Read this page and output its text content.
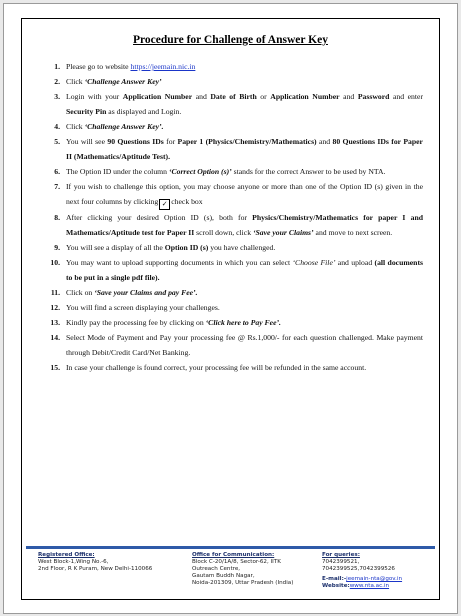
Procedure for Challenge of Answer Key
1. Please go to website https://jeemain.nic.in
2. Click ‘Challenge Answer Key’
3. Login with your Application Number and Date of Birth or Application Number and Password and enter Security Pin as displayed and Login.
4. Click ‘Challenge Answer Key’.
5. You will see 90 Questions IDs for Paper 1 (Physics/Chemistry/Mathematics) and 80 Questions IDs for Paper II (Mathematics/Aptitude Test).
6. The Option ID under the column ‘Correct Option (s)’ stands for the correct Answer to be used by NTA.
7. If you wish to challenge this option, you may choose anyone or more than one of the Option ID (s) given in the next four columns by clicking ✓ check box
8. After clicking your desired Option ID (s), both for Physics/Chemistry/Mathematics for paper I and Mathematics/Aptitude test for Paper II scroll down, click ‘Save your Claims’ and move to next screen.
9. You will see a display of all the Option ID (s) you have challenged.
10. You may want to upload supporting documents in which you can select ‘Choose File’ and upload (all documents to be put in a single pdf file).
11. Click on ‘Save your Claims and pay Fee’.
12. You will find a screen displaying your challenges.
13. Kindly pay the processing fee by clicking on ‘Click here to Pay Fee’.
14. Select Mode of Payment and Pay your processing fee @ Rs.1,000/- for each question challenged. Make payment through Debit/Credit Card/Net Banking.
15. In case your challenge is found correct, your processing fee will be refunded in the same account.
Registered Office:
West Block-1,Wing No.-6,
2nd Floor, R K Puram, New Delhi-110066
Office for Communication:
Block C-20/1A/8, Sector-62, IITK
Outreach Centre,
Gautam Buddh Nagar,
Noida-201309, Uttar Pradesh (India)
For queries:
7042399521,
7042399525,7042399526
E-mail:-jeemain-nta@gov.in
Website:www.nta.ac.in
